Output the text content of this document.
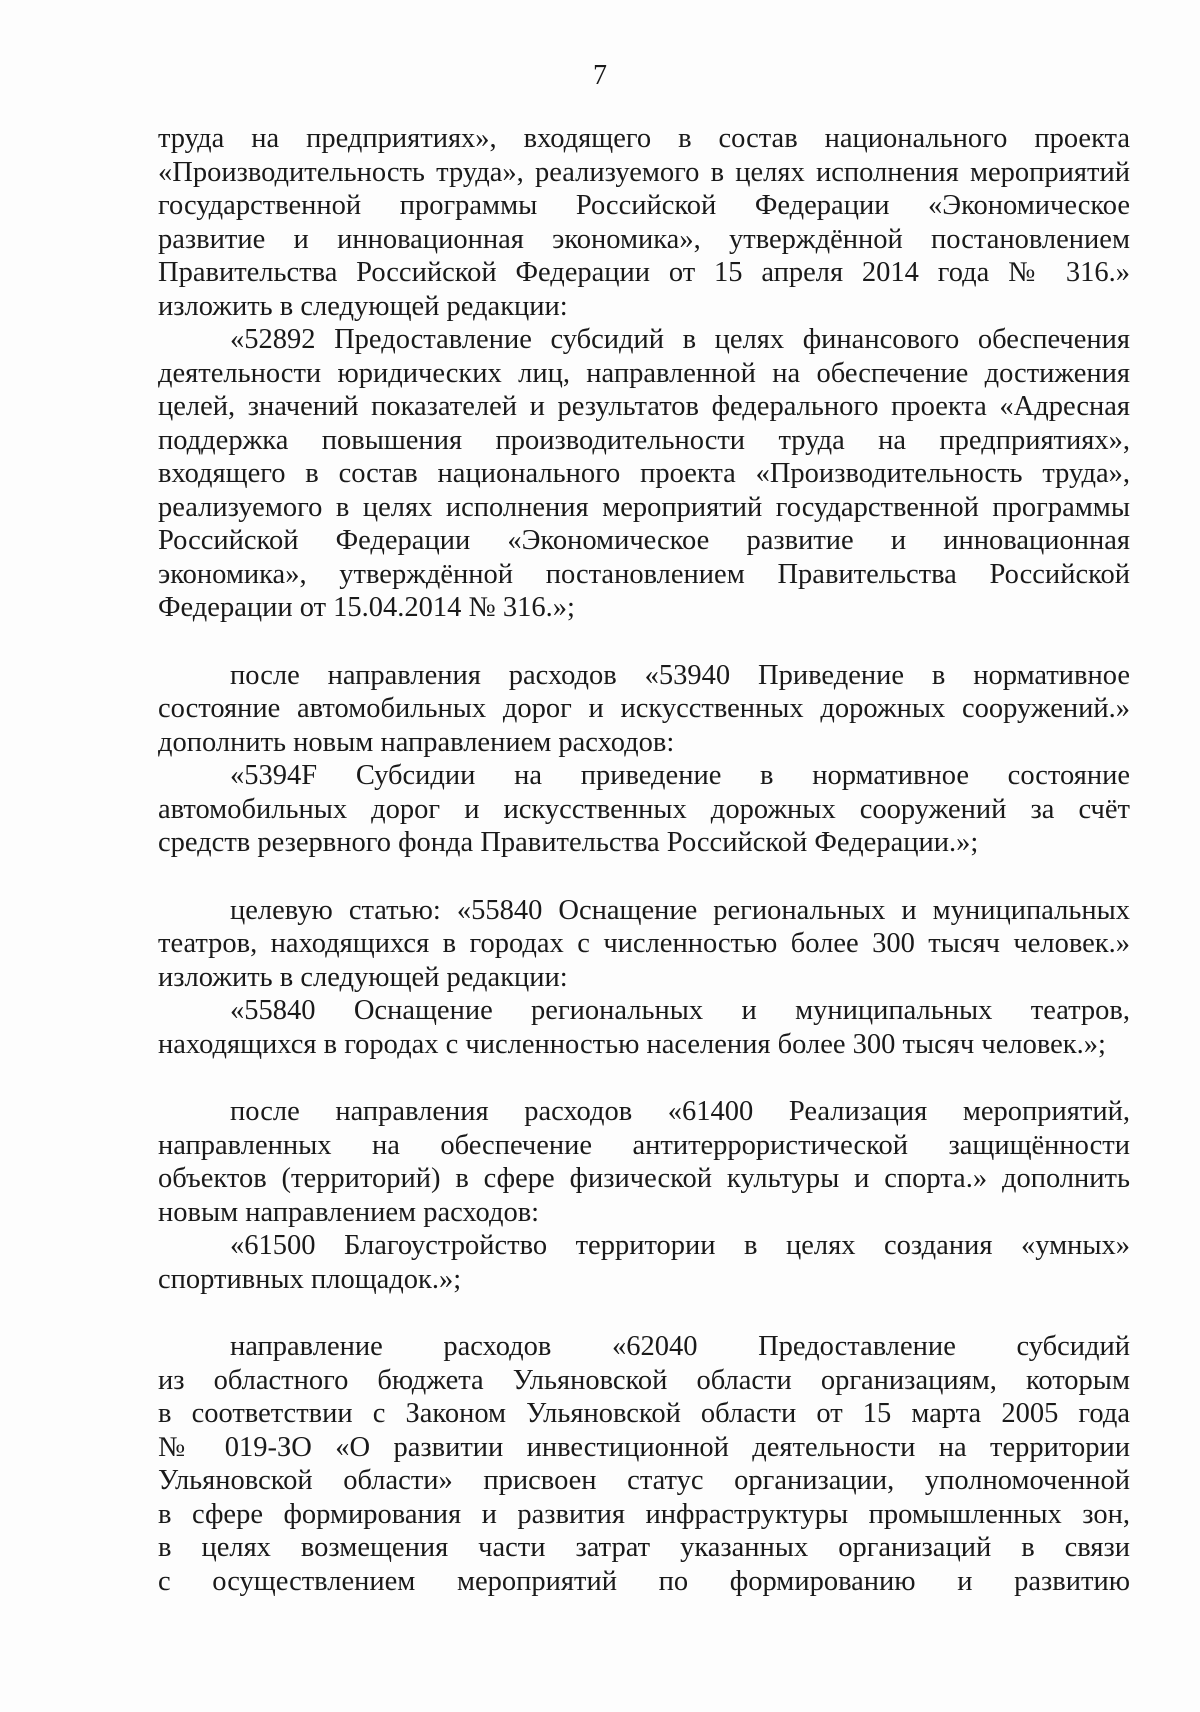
7
труда на предприятиях», входящего в состав национального проекта
«Производительность труда», реализуемого в целях исполнения мероприятий
государственной программы Российской Федерации «Экономическое
развитие и инновационная экономика», утверждённой постановлением
Правительства Российской Федерации от 15 апреля 2014 года № 316.»
изложить в следующей редакции:
«52892 Предоставление субсидий в целях финансового обеспечения
деятельности юридических лиц, направленной на обеспечение достижения
целей, значений показателей и результатов федерального проекта «Адресная
поддержка повышения производительности труда на предприятиях»,
входящего в состав национального проекта «Производительность труда»,
реализуемого в целях исполнения мероприятий государственной программы
Российской Федерации «Экономическое развитие и инновационная
экономика», утверждённой постановлением Правительства Российской
Федерации от 15.04.2014 № 316.»;
после направления расходов «53940 Приведение в нормативное
состояние автомобильных дорог и искусственных дорожных сооружений.»
дополнить новым направлением расходов:
«5394F Субсидии на приведение в нормативное состояние
автомобильных дорог и искусственных дорожных сооружений за счёт
средств резервного фонда Правительства Российской Федерации.»;
целевую статью: «55840 Оснащение региональных и муниципальных
театров, находящихся в городах с численностью более 300 тысяч человек.»
изложить в следующей редакции:
«55840 Оснащение региональных и муниципальных театров,
находящихся в городах с численностью населения более 300 тысяч человек.»;
после направления расходов «61400 Реализация мероприятий,
направленных на обеспечение антитеррористической защищённости
объектов (территорий) в сфере физической культуры и спорта.» дополнить
новым направлением расходов:
«61500 Благоустройство территории в целях создания «умных»
спортивных площадок.»;
направление расходов «62040 Предоставление субсидий
из областного бюджета Ульяновской области организациям, которым
в соответствии с Законом Ульяновской области от 15 марта 2005 года
№ 019-ЗО «О развитии инвестиционной деятельности на территории
Ульяновской области» присвоен статус организации, уполномоченной
в сфере формирования и развития инфраструктуры промышленных зон,
в целях возмещения части затрат указанных организаций в связи
с осуществлением мероприятий по формированию и развитию
